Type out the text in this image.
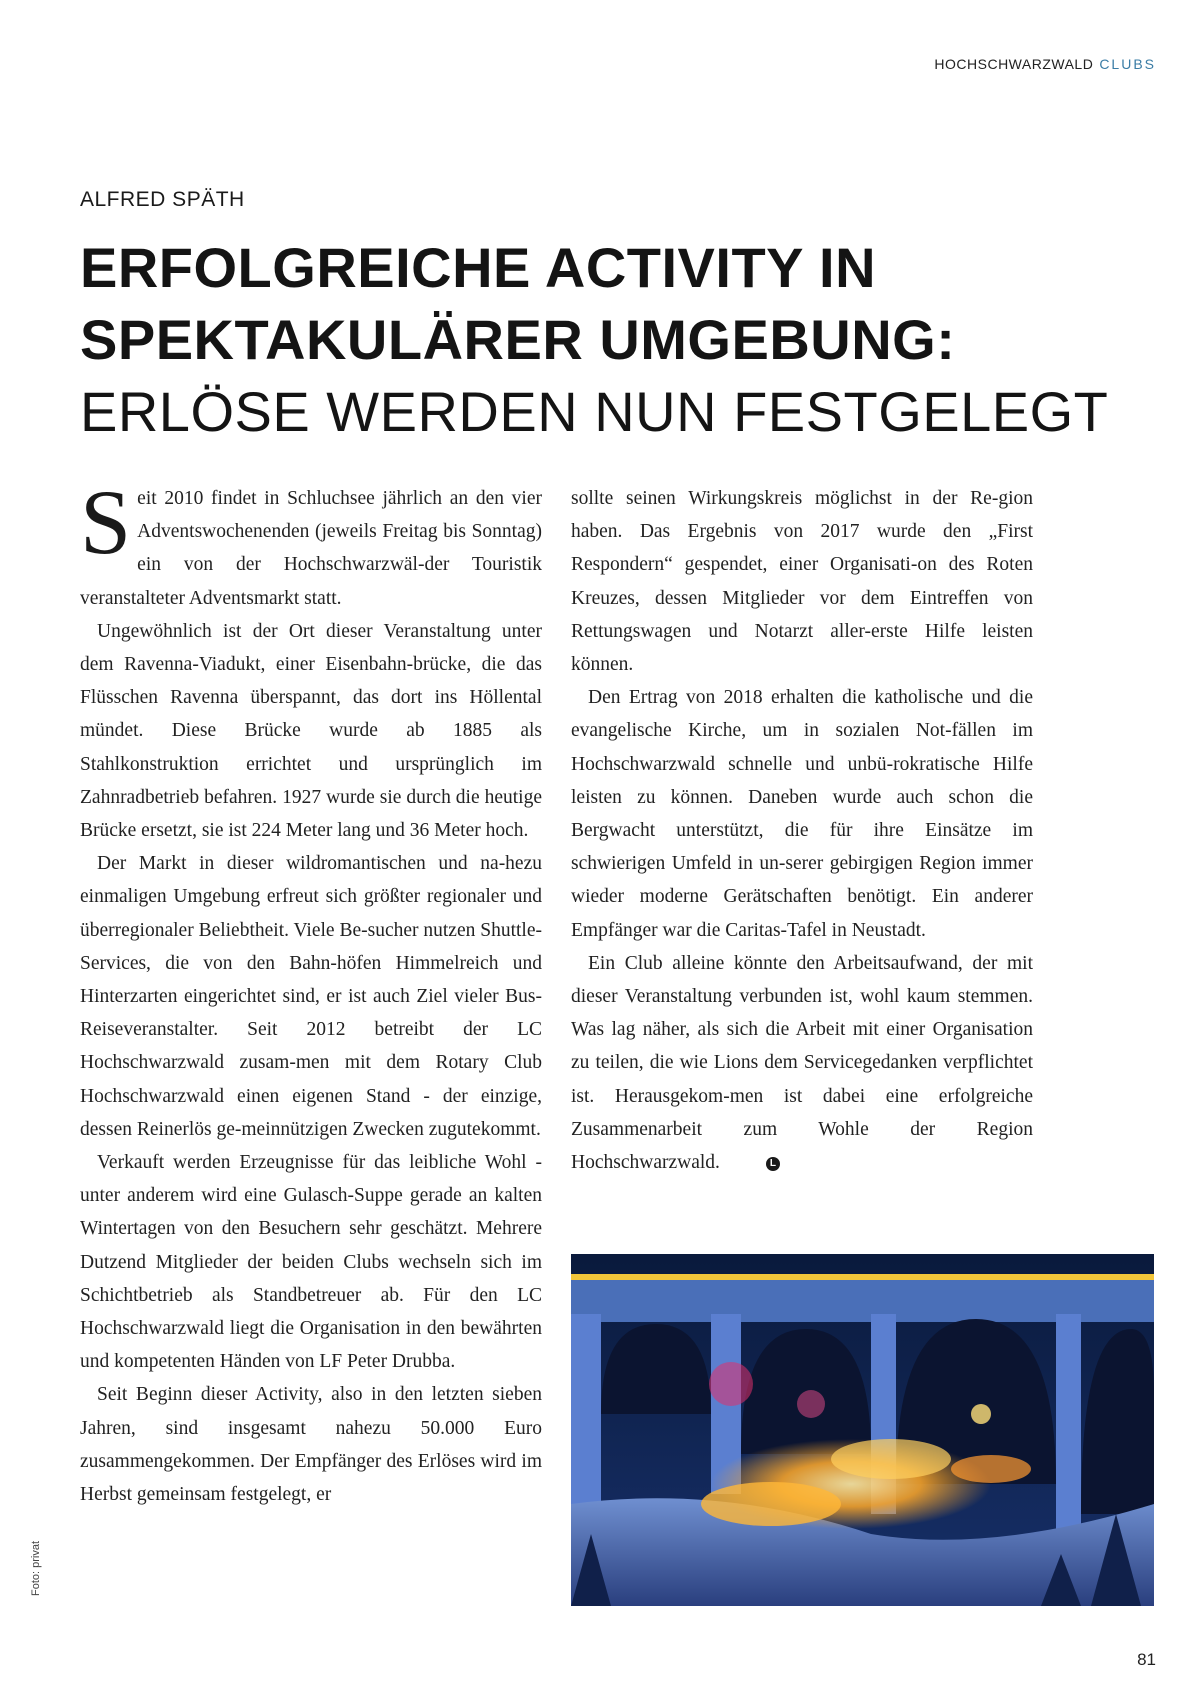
HOCHSCHWARZWALD CLUBS
ALFRED SPÄTH
ERFOLGREICHE ACTIVITY IN
SPEKTAKULÄRER UMGEBUNG:
ERLÖSE WERDEN NUN FESTGELEGT

Seit 2010 findet in Schluchsee jährlich an den vier Adventswochenenden (jeweils Freitag bis Sonntag) ein von der Hochschwarzwäl-der Touristik veranstalteter Adventsmarkt statt.

Ungewöhnlich ist der Ort dieser Veranstaltung unter dem Ravenna-Viadukt, einer Eisenbahn-brücke, die das Flüsschen Ravenna überspannt, das dort ins Höllental mündet. Diese Brücke wurde ab 1885 als Stahlkonstruktion errichtet und ursprünglich im Zahnradbetrieb befahren. 1927 wurde sie durch die heutige Brücke ersetzt, sie ist 224 Meter lang und 36 Meter hoch.

Der Markt in dieser wildromantischen und na-hezu einmaligen Umgebung erfreut sich größter regionaler und überregionaler Beliebtheit. Viele Be-sucher nutzen Shuttle-Services, die von den Bahn-höfen Himmelreich und Hinterzarten eingerichtet sind, er ist auch Ziel vieler Bus-Reiseveranstalter. Seit 2012 betreibt der LC Hochschwarzwald zusam-men mit dem Rotary Club Hochschwarzwald einen eigenen Stand - der einzige, dessen Reinerlös ge-meinnützigen Zwecken zugutekommt.

Verkauft werden Erzeugnisse für das leibliche Wohl - unter anderem wird eine Gulasch-Suppe gerade an kalten Wintertagen von den Besuchern sehr geschätzt. Mehrere Dutzend Mitglieder der beiden Clubs wechseln sich im Schichtbetrieb als Standbetreuer ab. Für den LC Hochschwarzwald liegt die Organisation in den bewährten und kompetenten Händen von LF Peter Drubba.

Seit Beginn dieser Activity, also in den letzten sieben Jahren, sind insgesamt nahezu 50.000 Euro zusammengekommen. Der Empfänger des Erlöses wird im Herbst gemeinsam festgelegt, er

sollte seinen Wirkungskreis möglichst in der Re-gion haben. Das Ergebnis von 2017 wurde den „First Respondern“ gespendet, einer Organisati-on des Roten Kreuzes, dessen Mitglieder vor dem Eintreffen von Rettungswagen und Notarzt aller-erste Hilfe leisten können.

Den Ertrag von 2018 erhalten die katholische und die evangelische Kirche, um in sozialen Not-fällen im Hochschwarzwald schnelle und unbü-rokratische Hilfe leisten zu können. Daneben wurde auch schon die Bergwacht unterstützt, die für ihre Einsätze im schwierigen Umfeld in un-serer gebirgigen Region immer wieder moderne Gerätschaften benötigt. Ein anderer Empfänger war die Caritas-Tafel in Neustadt.

Ein Club alleine könnte den Arbeitsaufwand, der mit dieser Veranstaltung verbunden ist, wohl kaum stemmen. Was lag näher, als sich die Arbeit mit einer Organisation zu teilen, die wie Lions dem Servicegedanken verpflichtet ist. Herausgekom-men ist dabei eine erfolgreiche Zusammenarbeit zum Wohle der Region Hochschwarzwald.	L

Foto: privat
81
